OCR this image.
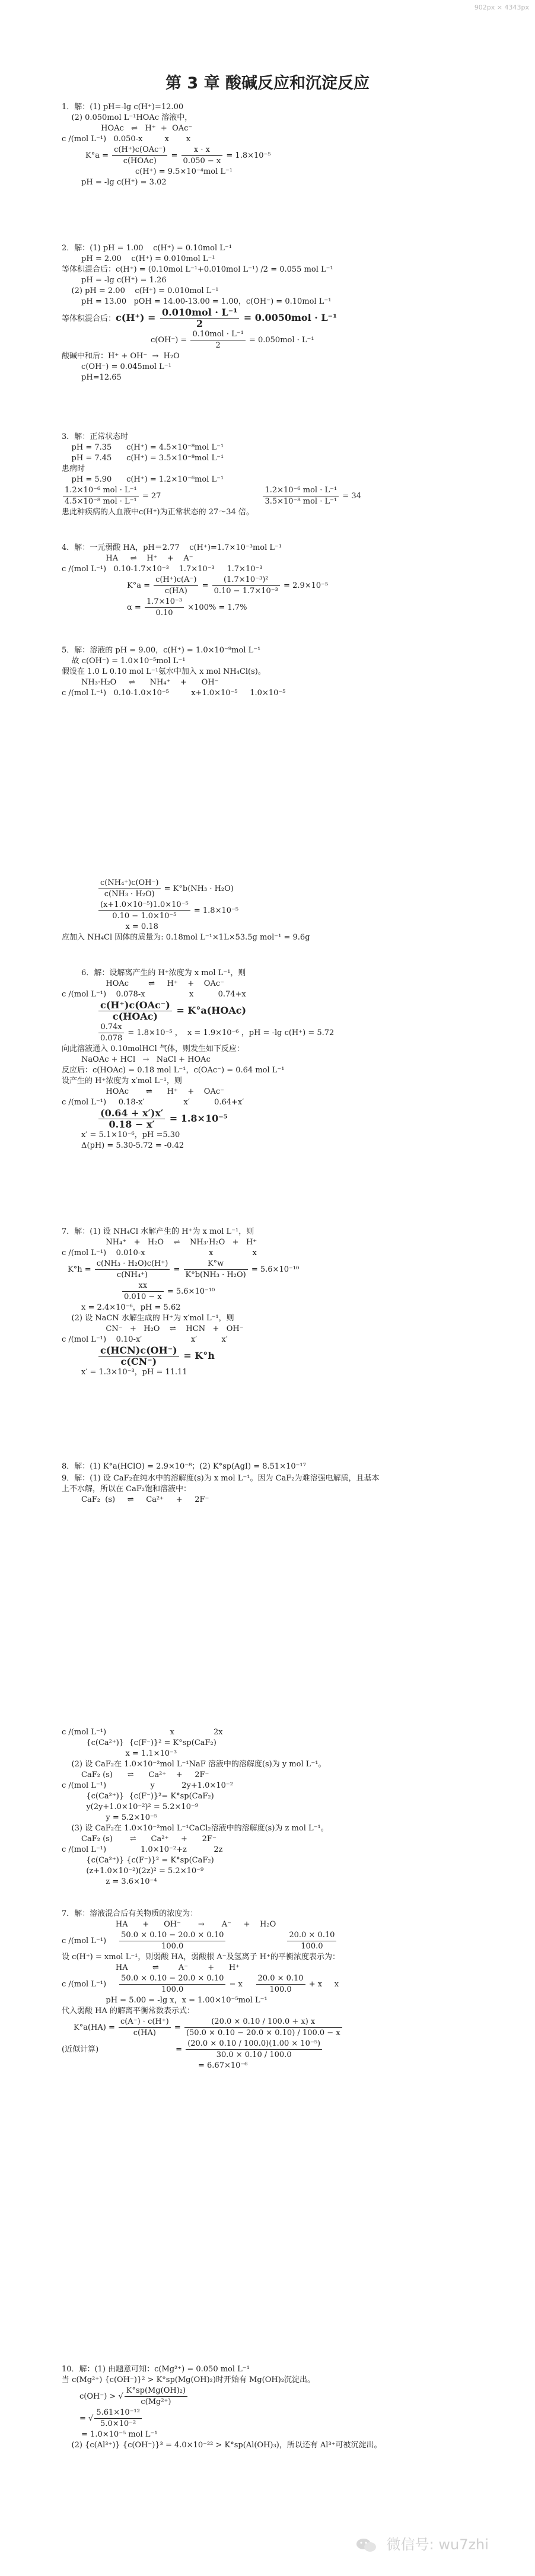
902px × 4343px
第 3 章 酸碱反应和沉淀反应
1．解：(1) pH=-lg c(H⁺)=12.00
(2) 0.050mol L⁻¹HOAc 溶液中，
HOAc   ⇌   H⁺  +  OAc⁻
c /(mol L⁻¹)   0.050-x         x       x
$K^\circ a = \frac{\text{c(H⁺)c(OAc⁻)}}{\text{c(HOAc)}} = \frac{x \cdot x}{0.050 - x} = 1.8\times 10^{-5}$
c(H⁺) = 9.5×10⁻⁴mol L⁻¹
pH = -lg c(H⁺) = 3.02
2．解：(1) pH = 1.00    c(H⁺) = 0.10mol L⁻¹
pH = 2.00    c(H⁺) = 0.010mol L⁻¹
等体积混合后：c(H⁺) = (0.10mol L⁻¹+0.010mol L⁻¹) /2 = 0.055 mol L⁻¹
pH = -lg c(H⁺) = 1.26
(2) pH = 2.00    c(H⁺) = 0.010mol L⁻¹
pH = 13.00   pOH = 14.00-13.00 = 1.00，c(OH⁻) = 0.10mol L⁻¹
等体积混合后：$c(H^+) = \frac{\text{0.010mol · L⁻¹}}{2} = 0.0050mol \cdot L^{-1}$
$c(OH^-) = \frac{\text{0.10mol · L⁻¹}}{2} = 0.050mol \cdot L^{-1}$
酸碱中和后：H⁺ + OH⁻  →  H₂O
c(OH⁻) = 0.045mol L⁻¹
pH=12.65
3．解：正常状态时
pH = 7.35      c(H⁺) = 4.5×10⁻⁸mol L⁻¹
pH = 7.45      c(H⁺) = 3.5×10⁻⁸mol L⁻¹
患病时
pH = 5.90      c(H⁺) = 1.2×10⁻⁶mol L⁻¹
$\frac{\text{1.2×10⁻⁶ mol · L⁻¹}}{\text{4.5×10⁻⁸ mol · L⁻¹}} = 27$	$\frac{\text{1.2×10⁻⁶ mol · L⁻¹}}{\text{3.5×10⁻⁸ mol · L⁻¹}} = 34$
患此种疾病的人血液中c(H⁺)为正常状态的 27～34 倍。
4．解：一元弱酸 HA，pH＝2.77    c(H⁺)=1.7×10⁻³mol L⁻¹
HA     ⇌    H⁺    +    A⁻
c /(mol L⁻¹)   0.10-1.7×10⁻³    1.7×10⁻³     1.7×10⁻³
$K^\circ a = \frac{c(H^+)c(A^-)}{c(HA)} = \frac{\text{(1.7×10⁻³)²}}{\text{0.10 − 1.7×10⁻³}} = 2.9\times 10^{-5}$
$\alpha = \frac{\text{1.7×10⁻³}}{0.10} \times 100\% = 1.7\%$
5．解：溶液的 pH = 9.00，c(H⁺) = 1.0×10⁻⁹mol L⁻¹
故 c(OH⁻) = 1.0×10⁻⁵mol L⁻¹
假设在 1.0 L 0.10 mol L⁻¹氨水中加入 x mol NH₄Cl(s)。
NH₃·H₂O     ⇌      NH₄⁺    +      OH⁻
c /(mol L⁻¹)   0.10-1.0×10⁻⁵         x+1.0×10⁻⁵     1.0×10⁻⁵
$\frac{\text{c(NH₄⁺)c(OH⁻)}}{\text{c(NH₃ · H₂O)}} = K^\circ b(NH_3 \cdot H_2O)$
$\frac{\text{(x+1.0×10⁻⁵)1.0×10⁻⁵}}{\text{0.10 − 1.0×10⁻⁵}} = 1.8\times 10^{-5}$
x = 0.18
应加入 NH₄Cl 固体的质量为: 0.18mol L⁻¹×1L×53.5g mol⁻¹ = 9.6g
6．解：设解离产生的 H⁺浓度为 x mol L⁻¹，则
HOAc        ⇌     H⁺    +    OAc⁻
c /(mol L⁻¹)    0.078-x                  x          0.74+x
$\frac{\text{c(H⁺)c(OAc⁻)}}{\text{c(HOAc)}}$ = K°a(HOAc)
$\frac{0.74x}{0.078} = 1.8\times 10^{-5}$ ，  x = 1.9×10⁻⁶ ，pH = -lg c(H⁺) = 5.72
向此溶液通入 0.10molHCl 气体，则发生如下反应：
NaOAc + HCl   →   NaCl + HOAc
反应后：c(HOAc) = 0.18 mol L⁻¹，c(OAc⁻) = 0.64 mol L⁻¹
设产生的 H⁺浓度为 x′mol L⁻¹，则
HOAc       ⇌      H⁺    +    OAc⁻
c /(mol L⁻¹)     0.18-x′                x′          0.64+x′
$\frac{(0.64 + x')x'}{0.18 - x'} = 1.8\times 10^{-5}$
x′ = 5.1×10⁻⁶，pH =5.30
Δ(pH) = 5.30-5.72 = -0.42
7．解：(1) 设 NH₄Cl 水解产生的 H⁺为 x mol L⁻¹，则
NH₄⁺   +   H₂O    ⇌    NH₃·H₂O   +   H⁺
c /(mol L⁻¹)    0.010-x                          x                x
$K^\circ h = \frac{\text{c(NH₃ · H₂O)c(H⁺)}}{\text{c(NH₄⁺)}} = \frac{K^\circ w}{\text{K°b(NH₃ · H₂O)}} = 5.6\times 10^{-10}$
$\frac{xx}{0.010 - x} = 5.6\times 10^{-10}$
x = 2.4×10⁻⁶，pH = 5.62
(2) 设 NaCN 水解生成的 H⁺为 x′mol L⁻¹，则
CN⁻   +   H₂O    ⇌    HCN   +   OH⁻
c /(mol L⁻¹)    0.10-x′                    x′          x′
$\frac{\text{c(HCN)c(OH⁻)}}{c(CN^-)} = K^\circ h$
x′ = 1.3×10⁻³，pH = 11.11
8．解：(1) K°a(HClO) = 2.9×10⁻⁸；(2) K°sp(AgI) = 8.51×10⁻¹⁷
9．解：(1) 设 CaF₂在纯水中的溶解度(s)为 x mol L⁻¹。因为 CaF₂为难溶强电解质，且基本
上不水解，所以在 CaF₂饱和溶液中：
CaF₂  (s)     ⇌     Ca²⁺     +     2F⁻
c /(mol L⁻¹)                          x                2x
{c(Ca²⁺)}  {c(F⁻)}² = K°sp(CaF₂)
x = 1.1×10⁻³
(2) 设 CaF₂在 1.0×10⁻²mol L⁻¹NaF 溶液中的溶解度(s)为 y mol L⁻¹。
CaF₂ (s)      ⇌      Ca²⁺    +     2F⁻
c /(mol L⁻¹)                  y           2y+1.0×10⁻²
{c(Ca²⁺)}  {c(F⁻)}²= K°sp(CaF₂)
y(2y+1.0×10⁻²)² = 5.2×10⁻⁹
y = 5.2×10⁻⁵
(3) 设 CaF₂在 1.0×10⁻²mol L⁻¹CaCl₂溶液中的溶解度(s)为 z mol L⁻¹。
CaF₂ (s)       ⇌      Ca²⁺     +      2F⁻
c /(mol L⁻¹)              1.0×10⁻²+z           2z
{c(Ca²⁺)} {c(F⁻)}² = K°sp(CaF₂)
(z+1.0×10⁻²)(2z)² = 5.2×10⁻⁹
z = 3.6×10⁻⁴
7．解：溶液混合后有关物质的浓度为：
HA      +      OH⁻       →       A⁻     +    H₂O
c /(mol $L^{-1}) \frac{50.0 \times 0.10 - 20.0 \times 0.10}{100.0}$	$\frac{20.0 \times 0.10}{100.0}$
设 c(H⁺) = xmol L⁻¹，则弱酸 HA，弱酸根 A⁻及氢离子 H⁺的平衡浓度表示为：
HA          ⇌        A⁻        +      H⁺
c /(mol $L^{-1}) \frac{50.0 \times 0.10 - 20.0 \times 0.10}{100.0} - x \frac{20.0 \times 0.10}{100.0} + x$     x
pH = 5.00 = -lg x，x = 1.00×10⁻⁵mol L⁻¹
代入弱酸 HA 的解离平衡常数表示式：
$K^\circ a(HA) = \frac{c(A^-) \cdot c(H^+)}{c(HA)} = \frac{(20.0 \times 0.10 / 100.0 + x) x}{(50.0 \times 0.10 - 20.0 \times 0.10) / 100.0 - x}$
(近似计算)	= $\frac{\text{(20.0 × 0.10 / 100.0)(1.00 × 10⁻⁵)}}{30.0 \times 0.10 / 100.0}$
= 6.67×10⁻⁶
10．解：(1) 由题意可知：c(Mg²⁺) = 0.050 mol L⁻¹
当 c(Mg²⁺) {c(OH⁻)}² > K°sp(Mg(OH)₂)时开始有 Mg(OH)₂沉淀出。
c(OH⁻) > √ $\frac{\text{K°sp(Mg(OH)₂)}}{\text{c(Mg²⁺)}}$
= √ $\frac{\text{5.61×10⁻¹²}}{\text{5.0×10⁻²}}$
= 1.0×10⁻⁵ mol L⁻¹
(2) {c(Al³⁺)} {c(OH⁻)}³ = 4.0×10⁻²² > K°sp(Al(OH)₃)，所以还有 Al³⁺可被沉淀出。
微信号: wu7zhi
